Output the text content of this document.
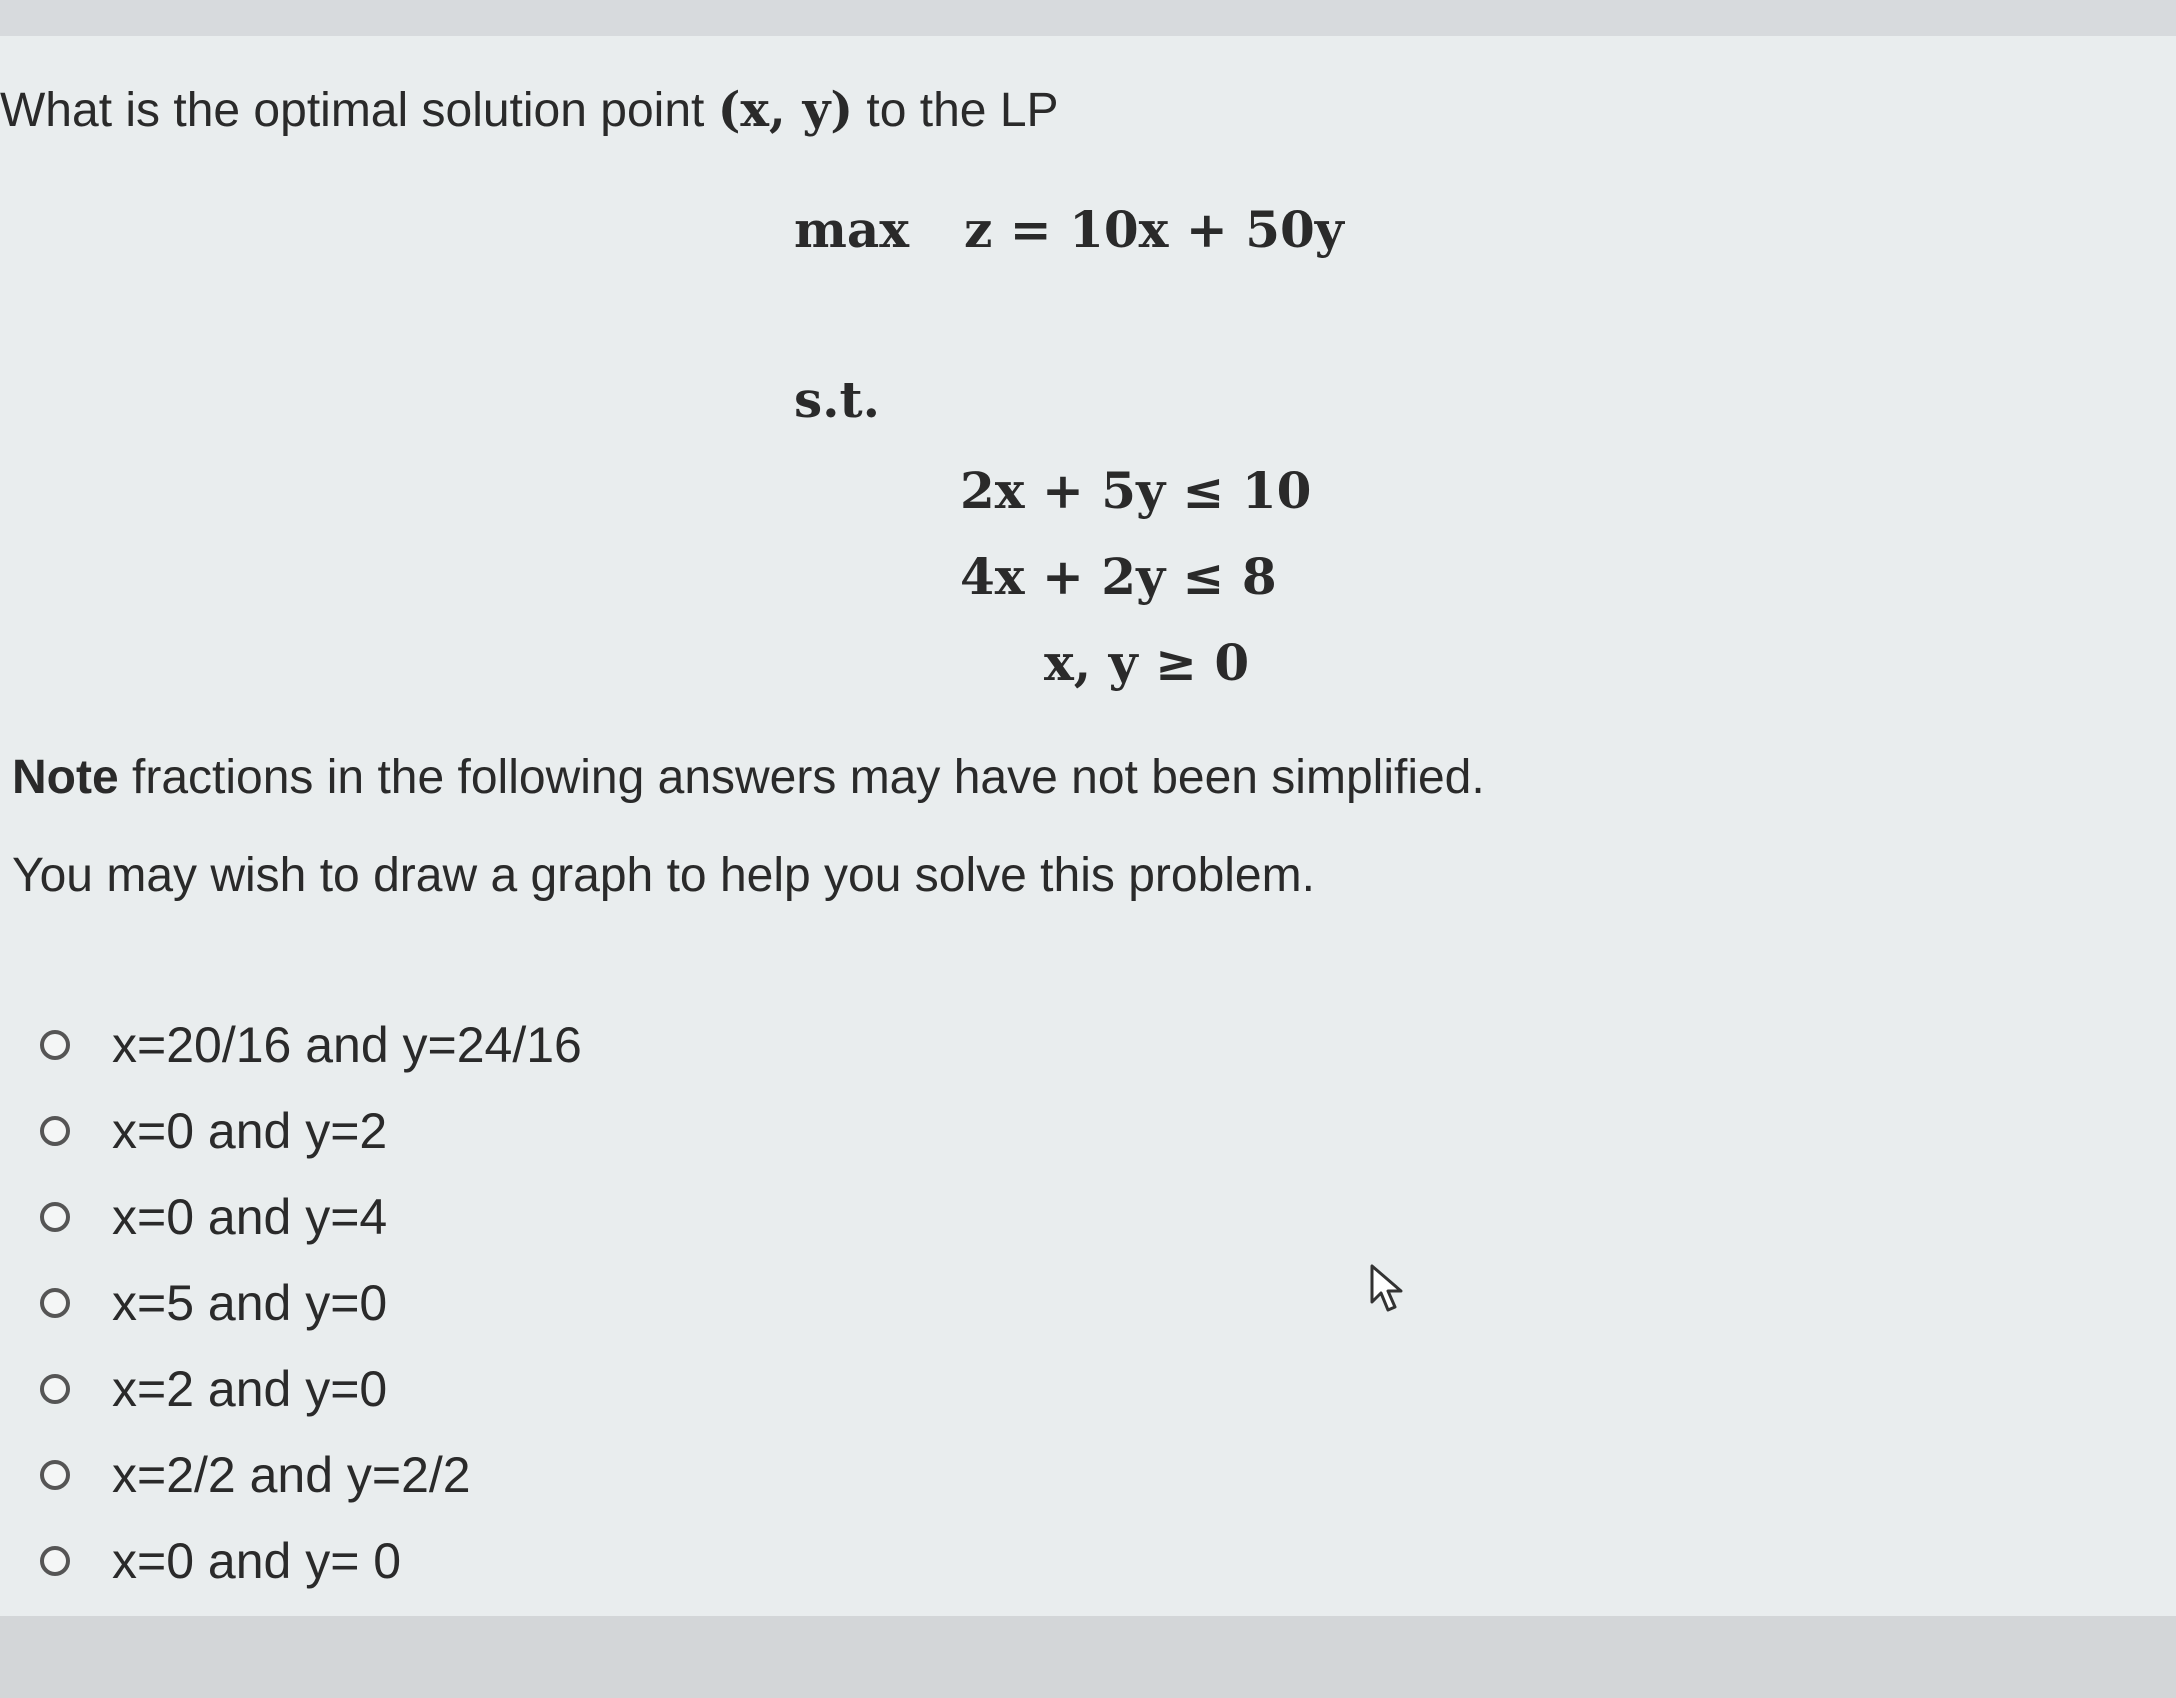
What is the optimal solution point (x, y) to the LP
max z = 10x + 50y
s.t.
2x + 5y ≤ 10
4x + 2y ≤ 8
x, y ≥ 0
Note fractions in the following answers may have not been simplified.
You may wish to draw a graph to help you solve this problem.
x=20/16 and y=24/16
x=0 and y=2
x=0 and y=4
x=5 and y=0
x=2 and y=0
x=2/2 and y=2/2
x=0 and y= 0
